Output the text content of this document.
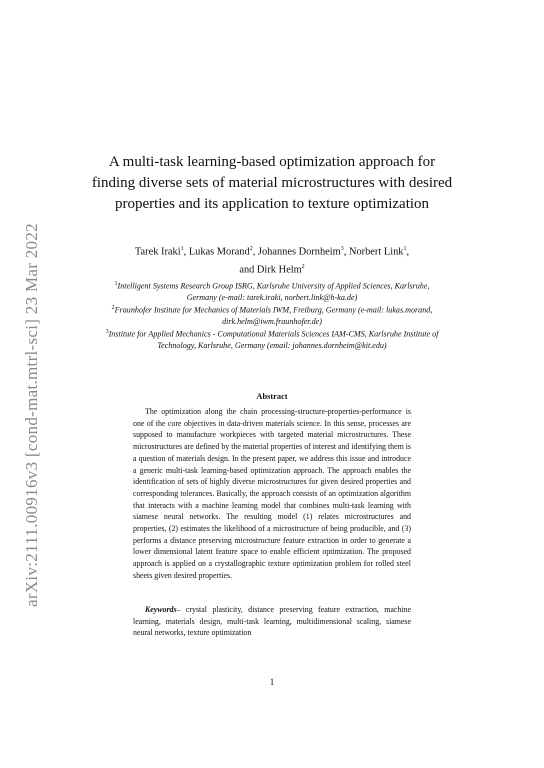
arXiv:2111.00916v3 [cond-mat.mtrl-sci] 23 Mar 2022
A multi-task learning-based optimization approach for finding diverse sets of material microstructures with desired properties and its application to texture optimization
Tarek Iraki$^1$, Lukas Morand$^2$, Johannes Dornheim$^3$, Norbert Link$^1$,
and Dirk Helm$^2$

$^1$Intelligent Systems Research Group ISRG, Karlsruhe University of Applied Sciences, Karlsruhe, Germany (e-mail: tarek.iraki, norbert.link@h-ka.de)

$^2$Fraunhofer Institute for Mechanics of Materials IWM, Freiburg, Germany (e-mail: lukas.morand, dirk.helm@iwm.fraunhofer.de)

$^3$Institute for Applied Mechanics - Computational Materials Sciences IAM-CMS, Karlsruhe Institute of Technology, Karlsruhe, Germany (email: johannes.dornheim@kit.edu)

Abstract

The optimization along the chain processing-structure-properties-performance is one of the core objectives in data-driven materials science. In this sense, processes are supposed to manufacture workpieces with targeted material microstructures. These microstructures are defined by the material properties of interest and identifying them is a question of materials design. In the present paper, we address this issue and introduce a generic multi-task learning-based optimization approach. The approach enables the identification of sets of highly diverse microstructures for given desired properties and corresponding tolerances. Basically, the approach consists of an optimization algorithm that interacts with a machine learning model that combines multi-task learning with siamese neural networks. The resulting model (1) relates microstructures and properties, (2) estimates the likelihood of a microstructure of being producible, and (3) performs a distance preserving microstructure feature extraction in order to generate a lower dimensional latent feature space to enable efficient optimization. The proposed approach is applied on a crystallographic texture optimization problem for rolled steel sheets given desired properties.

Keywords– crystal plasticity, distance preserving feature extraction, machine learning, materials design, multi-task learning, multidimensional scaling, siamese neural networks, texture optimization

1
